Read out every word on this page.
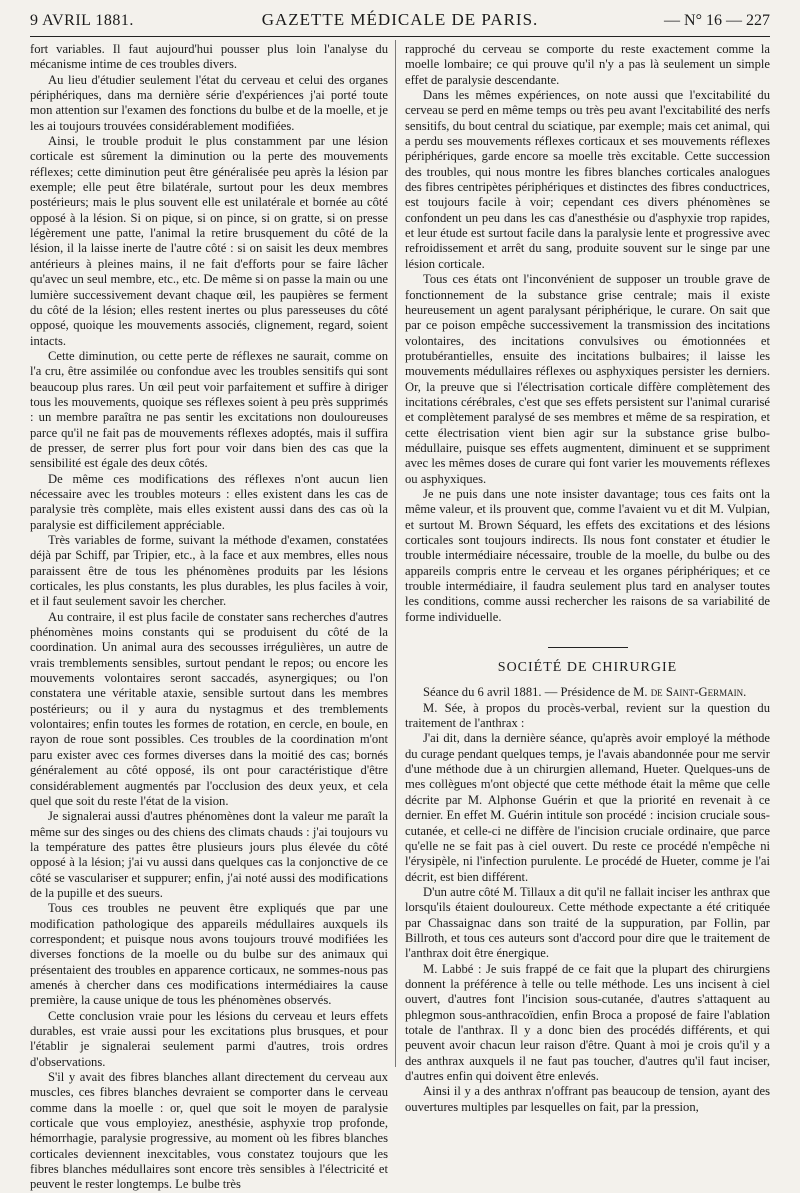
9 AVRIL 1881.	GAZETTE MÉDICALE DE PARIS.	— N° 16 — 227

fort variables. Il faut aujourd'hui pousser plus loin l'analyse du mécanisme intime de ces troubles divers.

Au lieu d'étudier seulement l'état du cerveau et celui des organes périphériques, dans ma dernière série d'expériences j'ai porté toute mon attention sur l'examen des fonctions du bulbe et de la moelle, et je les ai toujours trouvées considérablement modifiées.

Ainsi, le trouble produit le plus constamment par une lésion corticale est sûrement la diminution ou la perte des mouvements réflexes; cette diminution peut être généralisée peu après la lésion par exemple; elle peut être bilatérale, surtout pour les deux membres postérieurs; mais le plus souvent elle est unilatérale et bornée au côté opposé à la lésion. Si on pique, si on pince, si on gratte, si on presse légèrement une patte, l'animal la retire brusquement du côté de la lésion, il la laisse inerte de l'autre côté : si on saisit les deux membres antérieurs à pleines mains, il ne fait d'efforts pour se faire lâcher qu'avec un seul membre, etc., etc. De même si on passe la main ou une lumière successivement devant chaque œil, les paupières se ferment du côté de la lésion; elles restent inertes ou plus paresseuses du côté opposé, quoique les mouvements associés, clignement, regard, soient intacts.

Cette diminution, ou cette perte de réflexes ne saurait, comme on l'a cru, être assimilée ou confondue avec les troubles sensitifs qui sont beaucoup plus rares. Un œil peut voir parfaitement et suffire à diriger tous les mouvements, quoique ses réflexes soient à peu près supprimés : un membre paraîtra ne pas sentir les excitations non douloureuses parce qu'il ne fait pas de mouvements réflexes adoptés, mais il suffira de presser, de serrer plus fort pour voir dans bien des cas que la sensibilité est égale des deux côtés.

De même ces modifications des réflexes n'ont aucun lien nécessaire avec les troubles moteurs : elles existent dans les cas de paralysie très complète, mais elles existent aussi dans des cas où la paralysie est difficilement appréciable.

Très variables de forme, suivant la méthode d'examen, constatées déjà par Schiff, par Tripier, etc., à la face et aux membres, elles nous paraissent être de tous les phénomènes produits par les lésions corticales, les plus constants, les plus durables, les plus faciles à voir, et il faut seulement savoir les chercher.

Au contraire, il est plus facile de constater sans recherches d'autres phénomènes moins constants qui se produisent du côté de la coordination. Un animal aura des secousses irrégulières, un autre de vrais tremblements sensibles, surtout pendant le repos; ou encore les mouvements volontaires seront saccadés, asynergiques; ou l'on constatera une véritable ataxie, sensible surtout dans les membres postérieurs; ou il y aura du nystagmus et des tremblements volontaires; enfin toutes les formes de rotation, en cercle, en boule, en rayon de roue sont possibles. Ces troubles de la coordination m'ont paru exister avec ces formes diverses dans la moitié des cas; bornés généralement au côté opposé, ils ont pour caractéristique d'être considérablement augmentés par l'occlusion des deux yeux, et cela quel que soit du reste l'état de la vision.

Je signalerai aussi d'autres phénomènes dont la valeur me paraît la même sur des singes ou des chiens des climats chauds : j'ai toujours vu la température des pattes être plusieurs jours plus élevée du côté opposé à la lésion; j'ai vu aussi dans quelques cas la conjonctive de ce côté se vasculariser et suppurer; enfin, j'ai noté aussi des modifications de la pupille et des sueurs.

Tous ces troubles ne peuvent être expliqués que par une modification pathologique des appareils médullaires auxquels ils correspondent; et puisque nous avons toujours trouvé modifiées les diverses fonctions de la moelle ou du bulbe sur des animaux qui présentaient des troubles en apparence corticaux, ne sommes-nous pas amenés à chercher dans ces modifications intermédiaires la cause première, la cause unique de tous les phénomènes observés.

Cette conclusion vraie pour les lésions du cerveau et leurs effets durables, est vraie aussi pour les excitations plus brusques, et pour l'établir je signalerai seulement parmi d'autres, trois ordres d'observations.

S'il y avait des fibres blanches allant directement du cerveau aux muscles, ces fibres blanches devraient se comporter dans le cerveau comme dans la moelle : or, quel que soit le moyen de paralysie corticale que vous employiez, anesthésie, asphyxie trop profonde, hémorrhagie, paralysie progressive, au moment où les fibres blanches corticales deviennent inexcitables, vous constatez toujours que les fibres blanches médullaires sont encore très sensibles à l'électricité et peuvent le rester longtemps. Le bulbe très

rapproché du cerveau se comporte du reste exactement comme la moelle lombaire; ce qui prouve qu'il n'y a pas là seulement un simple effet de paralysie descendante.

Dans les mêmes expériences, on note aussi que l'excitabilité du cerveau se perd en même temps ou très peu avant l'excitabilité des nerfs sensitifs, du bout central du sciatique, par exemple; mais cet animal, qui a perdu ses mouvements réflexes corticaux et ses mouvements réflexes périphériques, garde encore sa moelle très excitable. Cette succession des troubles, qui nous montre les fibres blanches corticales analogues des fibres centripètes périphériques et distinctes des fibres conductrices, est toujours facile à voir; cependant ces divers phénomènes se confondent un peu dans les cas d'anesthésie ou d'asphyxie trop rapides, et leur étude est surtout facile dans la paralysie lente et progressive avec refroidissement et arrêt du sang, produite souvent sur le singe par une lésion corticale.

Tous ces états ont l'inconvénient de supposer un trouble grave de fonctionnement de la substance grise centrale; mais il existe heureusement un agent paralysant périphérique, le curare. On sait que par ce poison empêche successivement la transmission des incitations volontaires, des incitations convulsives ou émotionnées et protubérantielles, ensuite des incitations bulbaires; il laisse les mouvements médullaires réflexes ou asphyxiques persister les derniers. Or, la preuve que si l'électrisation corticale diffère complètement des incitations cérébrales, c'est que ses effets persistent sur l'animal curarisé et complètement paralysé de ses membres et même de sa respiration, et cette électrisation vient bien agir sur la substance grise bulbo-médullaire, puisque ses effets augmentent, diminuent et se suppriment avec les mêmes doses de curare qui font varier les mouvements réflexes ou asphyxiques.

Je ne puis dans une note insister davantage; tous ces faits ont la même valeur, et ils prouvent que, comme l'avaient vu et dit M. Vulpian, et surtout M. Brown Séquard, les effets des excitations et des lésions corticales sont toujours indirects. Ils nous font constater et étudier le trouble intermédiaire nécessaire, trouble de la moelle, du bulbe ou des appareils compris entre le cerveau et les organes périphériques; et ce trouble intermédiaire, il faudra seulement plus tard en analyser toutes les conditions, comme aussi rechercher les raisons de sa variabilité de forme individuelle.

SOCIÉTÉ DE CHIRURGIE

Séance du 6 avril 1881. — Présidence de M. de Saint-Germain.

M. Sée, à propos du procès-verbal, revient sur la question du traitement de l'anthrax :

J'ai dit, dans la dernière séance, qu'après avoir employé la méthode du curage pendant quelques temps, je l'avais abandonnée pour me servir d'une méthode due à un chirurgien allemand, Hueter. Quelques-uns de mes collègues m'ont objecté que cette méthode était la même que celle décrite par M. Alphonse Guérin et que la priorité en revenait à ce dernier. En effet M. Guérin intitule son procédé : incision cruciale sous-cutanée, et celle-ci ne diffère de l'incision cruciale ordinaire, que parce qu'elle ne se fait pas à ciel ouvert. Du reste ce procédé n'empêche ni l'érysipèle, ni l'infection purulente. Le procédé de Hueter, comme je l'ai décrit, est bien différent.

D'un autre côté M. Tillaux a dit qu'il ne fallait inciser les anthrax que lorsqu'ils étaient douloureux. Cette méthode expectante a été critiquée par Chassaignac dans son traité de la suppuration, par Follin, par Billroth, et tous ces auteurs sont d'accord pour dire que le traitement de l'anthrax doit être énergique.

M. Labbé : Je suis frappé de ce fait que la plupart des chirurgiens donnent la préférence à telle ou telle méthode. Les uns incisent à ciel ouvert, d'autres font l'incision sous-cutanée, d'autres s'attaquent au phlegmon sous-anthracoïdien, enfin Broca a proposé de faire l'ablation totale de l'anthrax. Il y a donc bien des procédés différents, et qui peuvent avoir chacun leur raison d'être. Quant à moi je crois qu'il y a des anthrax auxquels il ne faut pas toucher, d'autres qu'il faut inciser, d'autres enfin qui doivent être enlevés.

Ainsi il y a des anthrax n'offrant pas beaucoup de tension, ayant des ouvertures multiples par lesquelles on fait, par la pression,
